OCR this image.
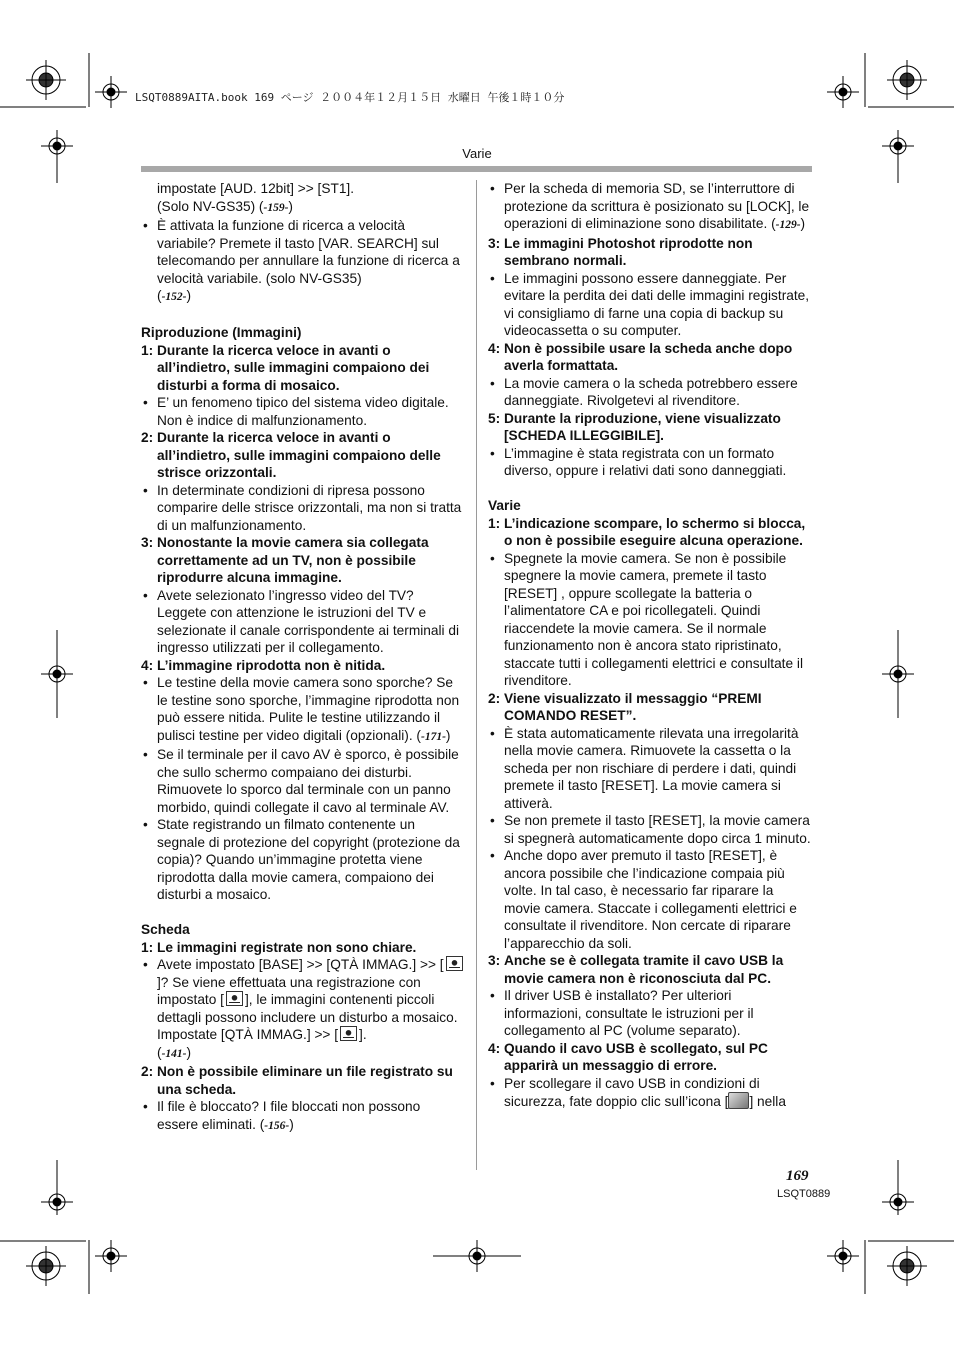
LSQT0889AITA.book 169 ページ ２００４年１２月１５日 水曜日 午後１時１０分
Varie

impostate [AUD. 12bit] >> [ST1].

(Solo NV-GS35) (-159-)

• È attivata la funzione di ricerca a velocità variabile? Premete il tasto [VAR. SEARCH] sul telecomando per annullare la funzione di ricerca a velocità variabile. (solo NV-GS35)
(-152-)

Riproduzione (Immagini)

1: Durante la ricerca veloce in avanti o all’indietro, sulle immagini compaiono dei disturbi a forma di mosaico.

• E’ un fenomeno tipico del sistema video digitale. Non è indice di malfunzionamento.

2: Durante la ricerca veloce in avanti o all’indietro, sulle immagini compaiono delle strisce orizzontali.

• In determinate condizioni di ripresa possono comparire delle strisce orizzontali, ma non si tratta di un malfunzionamento.

3: Nonostante la movie camera sia collegata correttamente ad un TV, non è possibile riprodurre alcuna immagine.

• Avete selezionato l’ingresso video del TV? Leggete con attenzione le istruzioni del TV e selezionate il canale corrispondente ai terminali di ingresso utilizzati per il collegamento.

4: L’immagine riprodotta non è nitida.

• Le testine della movie camera sono sporche? Se le testine sono sporche, l’immagine riprodotta non può essere nitida. Pulite le testine utilizzando il pulisci testine per video digitali (opzionali). (-171-)

• Se il terminale per il cavo AV è sporco, è possibile che sullo schermo compaiano dei disturbi. Rimuovete lo sporco dal terminale con un panno morbido, quindi collegate il cavo al terminale AV.

• State registrando un filmato contenente un segnale di protezione del copyright (protezione da copia)? Quando un’immagine protetta viene riprodotta dalla movie camera, compaiono dei disturbi a mosaico.

Scheda

1: Le immagini registrate non sono chiare.

• Avete impostato [BASE] >> [QTÀ IMMAG.] >> []? Se viene effettuata una registrazione con impostato [ ], le immagini contenenti piccoli dettagli possono includere un disturbo a mosaico. Impostate [QTÀ IMMAG.] >> [ ].
(-141-)

2: Non è possibile eliminare un file registrato su una scheda.

• Il file è bloccato? I file bloccati non possono essere eliminati. (-156-)

• Per la scheda di memoria SD, se l’interruttore di protezione da scrittura è posizionato su [LOCK], le operazioni di eliminazione sono disabilitate. (-129-)

3: Le immagini Photoshot riprodotte non sembrano normali.

• Le immagini possono essere danneggiate. Per evitare la perdita dei dati delle immagini registrate, vi consigliamo di farne una copia di backup su videocassetta o su computer.

4: Non è possibile usare la scheda anche dopo averla formattata.

• La movie camera o la scheda potrebbero essere danneggiate. Rivolgetevi al rivenditore.

5: Durante la riproduzione, viene visualizzato [SCHEDA ILLEGGIBILE].

• L’immagine è stata registrata con un formato diverso, oppure i relativi dati sono danneggiati.

Varie

1: L’indicazione scompare, lo schermo si blocca, o non è possibile eseguire alcuna operazione.

• Spegnete la movie camera. Se non è possibile spegnere la movie camera, premete il tasto [RESET] , oppure scollegate la batteria o l’alimentatore CA e poi ricollegateli. Quindi riaccendete la movie camera. Se il normale funzionamento non è ancora stato ripristinato, staccate tutti i collegamenti elettrici e consultate il rivenditore.

2: Viene visualizzato il messaggio “PREMI COMANDO RESET”.

• È stata automaticamente rilevata una irregolarità nella movie camera. Rimuovete la cassetta o la scheda per non rischiare di perdere i dati, quindi premete il tasto [RESET]. La movie camera si attiverà.

• Se non premete il tasto [RESET], la movie camera si spegnerà automaticamente dopo circa 1 minuto.

• Anche dopo aver premuto il tasto [RESET], è ancora possibile che l’indicazione compaia più volte. In tal caso, è necessario far riparare la movie camera. Staccate i collegamenti elettrici e consultate il rivenditore. Non cercate di riparare l’apparecchio da soli.

3: Anche se è collegata tramite il cavo USB la movie camera non è riconosciuta dal PC.

• Il driver USB è installato? Per ulteriori informazioni, consultate le istruzioni per il collegamento al PC (volume separato).

4: Quando il cavo USB è scollegato, sul PC apparirà un messaggio di errore.

• Per scollegare il cavo USB in condizioni di sicurezza, fate doppio clic sull’icona [ ] nella

169
LSQT0889
